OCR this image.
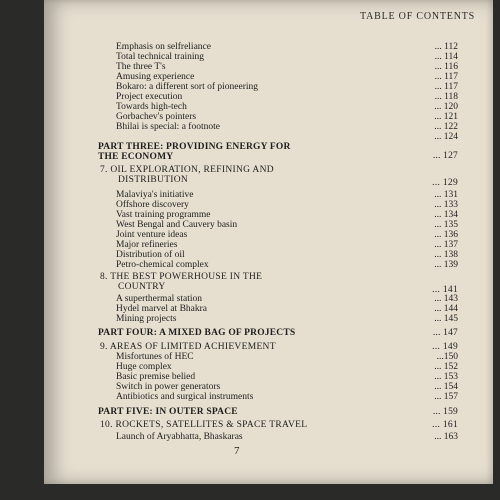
TABLE OF CONTENTS
Emphasis on selfreliance	... 112
Total technical training	... 114
The three T's	... 116
Amusing experience	... 117
Bokaro: a different sort of pioneering	... 117
Project execution	... 118
Towards high-tech	... 120
Gorbachev's pointers	... 121
Bhilai is special: a footnote	... 122
... 124
PART THREE: PROVIDING ENERGY FOR
THE ECONOMY	... 127
7. OIL EXPLORATION, REFINING AND
DISTRIBUTION	... 129
Malaviya's initiative	... 131
Offshore discovery	... 133
Vast training programme	... 134
West Bengal and Cauvery basin	... 135
Joint venture ideas	... 136
Major refineries	... 137
Distribution of oil	... 138
Petro-chemical complex	... 139
8. THE BEST POWERHOUSE IN THE
COUNTRY	... 141
A superthermal station	... 143
Hydel marvel at Bhakra	... 144
Mining projects	... 145
PART FOUR: A MIXED BAG OF PROJECTS	... 147
9. AREAS OF LIMITED ACHIEVEMENT	... 149
Misfortunes of HEC	...150
Huge complex	... 152
Basic premise belied	... 153
Switch in power generators	... 154
Antibiotics and surgical instruments	... 157
PART FIVE: IN OUTER SPACE	... 159
10. ROCKETS, SATELLITES & SPACE TRAVEL	... 161
Launch of Aryabhatta, Bhaskaras	... 163
7
